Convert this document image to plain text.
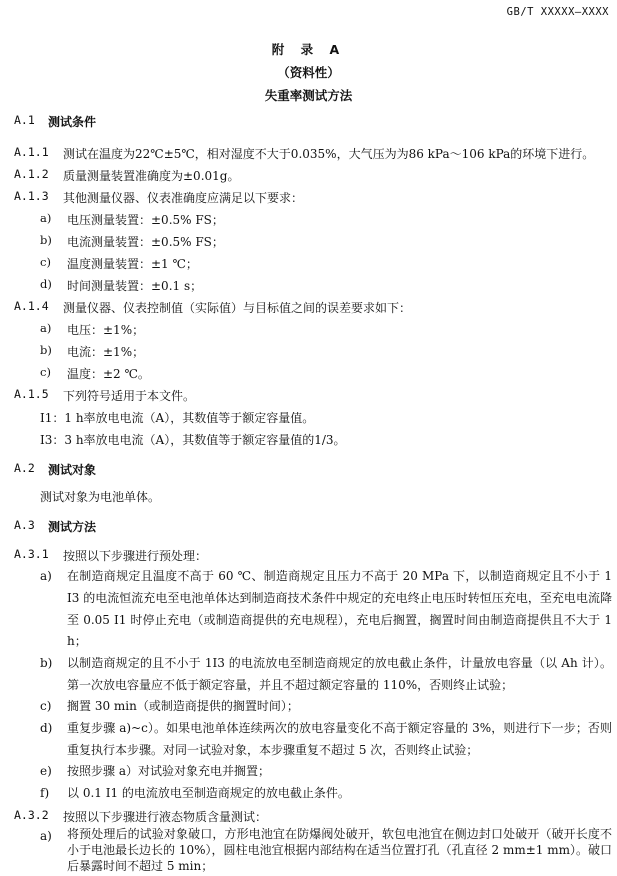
GB/T XXXXX—XXXX
附 录 A
（资料性）
失重率测试方法
A.1 测试条件
A.1.1 测试在温度为22℃±5℃，相对湿度不大于0.035%，大气压为为86 kPa～106 kPa的环境下进行。
A.1.2 质量测量装置准确度为±0.01g。
A.1.3 其他测量仪器、仪表准确度应满足以下要求：
a) 电压测量装置：±0.5% FS；
b) 电流测量装置：±0.5% FS；
c) 温度测量装置：±1 ℃；
d) 时间测量装置：±0.1 s；
A.1.4 测量仪器、仪表控制值（实际值）与目标值之间的误差要求如下：
a) 电压：±1%；
b) 电流：±1%；
c) 温度：±2 ℃。
A.1.5 下列符号适用于本文件。
I1：1 h率放电电流（A），其数值等于额定容量值。
I3：3 h率放电电流（A），其数值等于额定容量值的1/3。
A.2 测试对象
测试对象为电池单体。
A.3 测试方法
A.3.1 按照以下步骤进行预处理：
a) 在制造商规定且温度不高于 60 ℃、制造商规定且压力不高于 20 MPa 下，以制造商规定且不小于 1 I3 的电流恒流充电至电池单体达到制造商技术条件中规定的充电终止电压时转恒压充电，至充电电流降至 0.05 I1 时停止充电（或制造商提供的充电规程），充电后搁置，搁置时间由制造商提供且不大于 1 h；
b) 以制造商规定的且不小于 1I3 的电流放电至制造商规定的放电截止条件，计量放电容量（以 Ah 计）。第一次放电容量应不低于额定容量，并且不超过额定容量的 110%，否则终止试验；
c) 搁置 30 min（或制造商提供的搁置时间）；
d) 重复步骤 a)~c）。如果电池单体连续两次的放电容量变化不高于额定容量的 3%，则进行下一步；否则重复执行本步骤。对同一试验对象，本步骤重复不超过 5 次，否则终止试验；
e) 按照步骤 a）对试验对象充电并搁置；
f) 以 0.1 I1 的电流放电至制造商规定的放电截止条件。
A.3.2 按照以下步骤进行液态物质含量测试：
a) 将预处理后的试验对象破口，方形电池宜在防爆阀处破开，软包电池宜在侧边封口处破开（破开长度不小于电池最长边长的 10%），圆柱电池宜根据内部结构在适当位置打孔（孔直径 2 mm±1 mm）。破口后暴露时间不超过 5 min；
